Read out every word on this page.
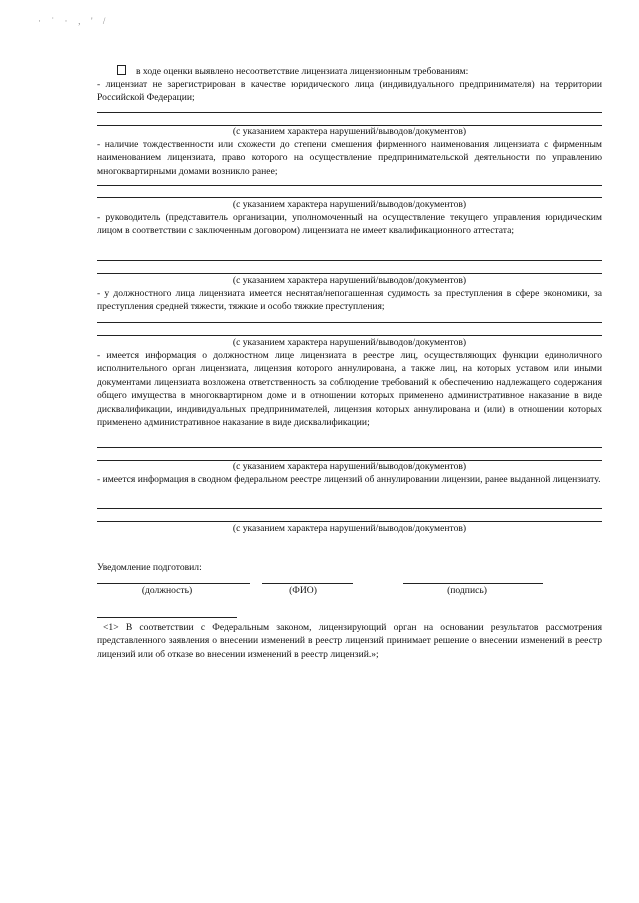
· ˙ · ‚ ' /
в ходе оценки выявлено несоответствие лицензиата лицензионным требованиям:
- лицензиат не зарегистрирован в качестве юридического лица (индивидуального предпринимателя) на территории Российской Федерации;
(с указанием характера нарушений/выводов/документов)
- наличие тождественности или схожести до степени смешения фирменного наименования лицензиата с фирменным наименованием лицензиата, право которого на осуществление предпринимательской деятельности по управлению многоквартирными домами возникло ранее;
(с указанием характера нарушений/выводов/документов)
- руководитель (представитель организации, уполномоченный на осуществление текущего управления юридическим лицом в соответствии с заключенным договором) лицензиата не имеет квалификационного аттестата;
(с указанием характера нарушений/выводов/документов)
- у должностного лица лицензиата имеется неснятая/непогашенная судимость за преступления в сфере экономики, за преступления средней тяжести, тяжкие и особо тяжкие преступления;
(с указанием характера нарушений/выводов/документов)
- имеется информация о должностном лице лицензиата в реестре лиц, осуществляющих функции единоличного исполнительного орган лицензиата, лицензия которого аннулирована, а также лиц, на которых уставом или иными документами лицензиата возложена ответственность за соблюдение требований к обеспечению надлежащего содержания общего имущества в многоквартирном доме и в отношении которых применено административное наказание в виде дисквалификации, индивидуальных предпринимателей, лицензия которых аннулирована и (или) в отношении которых применено административное наказание в виде дисквалификации;
(с указанием характера нарушений/выводов/документов)
- имеется информация в сводном федеральном реестре лицензий об аннулировании лицензии, ранее выданной лицензиату.
(с указанием характера нарушений/выводов/документов)
Уведомление подготовил:
(должность)	(ФИО)	(подпись)
<1> В соответствии с Федеральным законом, лицензирующий орган на основании результатов рассмотрения представленного заявления о внесении изменений в реестр лицензий принимает решение о внесении изменений в реестр лицензий или об отказе во внесении изменений в реестр лицензий.»;
